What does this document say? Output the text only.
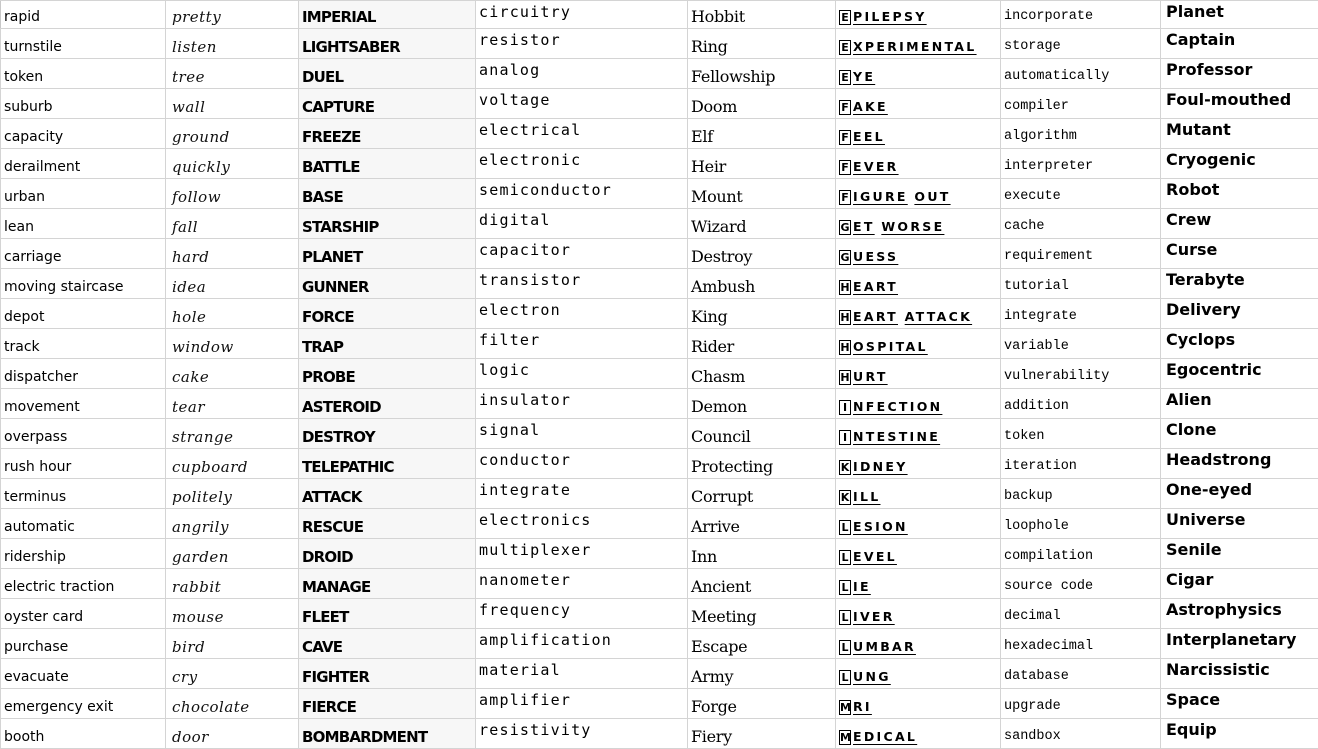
rapid	pretty	IMPERIAL	circuitry	Hobbit	E PILEPSY	incorporate	Planet
turnstile	listen	LIGHTSABER	resistor	Ring	E XPERIMENTAL	storage	Captain
token	tree	DUEL	analog	Fellowship	E YE	automatically	Professor
suburb	wall	CAPTURE	voltage	Doom	F AKE	compiler	Foul-mouthed
capacity	ground	FREEZE	electrical	Elf	F EEL	algorithm	Mutant
derailment	quickly	BATTLE	electronic	Heir	F EVER	interpreter	Cryogenic
urban	follow	BASE	semiconductor	Mount	F IGURE OUT	execute	Robot
lean	fall	STARSHIP	digital	Wizard	G ET WORSE	cache	Crew
carriage	hard	PLANET	capacitor	Destroy	G UESS	requirement	Curse
moving staircase	idea	GUNNER	transistor	Ambush	H EART	tutorial	Terabyte
depot	hole	FORCE	electron	King	H EART ATTACK	integrate	Delivery
track	window	TRAP	filter	Rider	H OSPITAL	variable	Cyclops
dispatcher	cake	PROBE	logic	Chasm	H URT	vulnerability	Egocentric
movement	tear	ASTEROID	insulator	Demon	I NFECTION	addition	Alien
overpass	strange	DESTROY	signal	Council	I NTESTINE	token	Clone
rush hour	cupboard	TELEPATHIC	conductor	Protecting	K IDNEY	iteration	Headstrong
terminus	politely	ATTACK	integrate	Corrupt	K ILL	backup	One-eyed
automatic	angrily	RESCUE	electronics	Arrive	L ESION	loophole	Universe
ridership	garden	DROID	multiplexer	Inn	L EVEL	compilation	Senile
electric traction	rabbit	MANAGE	nanometer	Ancient	L IE	source code	Cigar
oyster card	mouse	FLEET	frequency	Meeting	L IVER	decimal	Astrophysics
purchase	bird	CAVE	amplification	Escape	L UMBAR	hexadecimal	Interplanetary
evacuate	cry	FIGHTER	material	Army	L UNG	database	Narcissistic
emergency exit	chocolate	FIERCE	amplifier	Forge	M RI	upgrade	Space
booth	door	BOMBARDMENT	resistivity	Fiery	M EDICAL	sandbox	Equip
